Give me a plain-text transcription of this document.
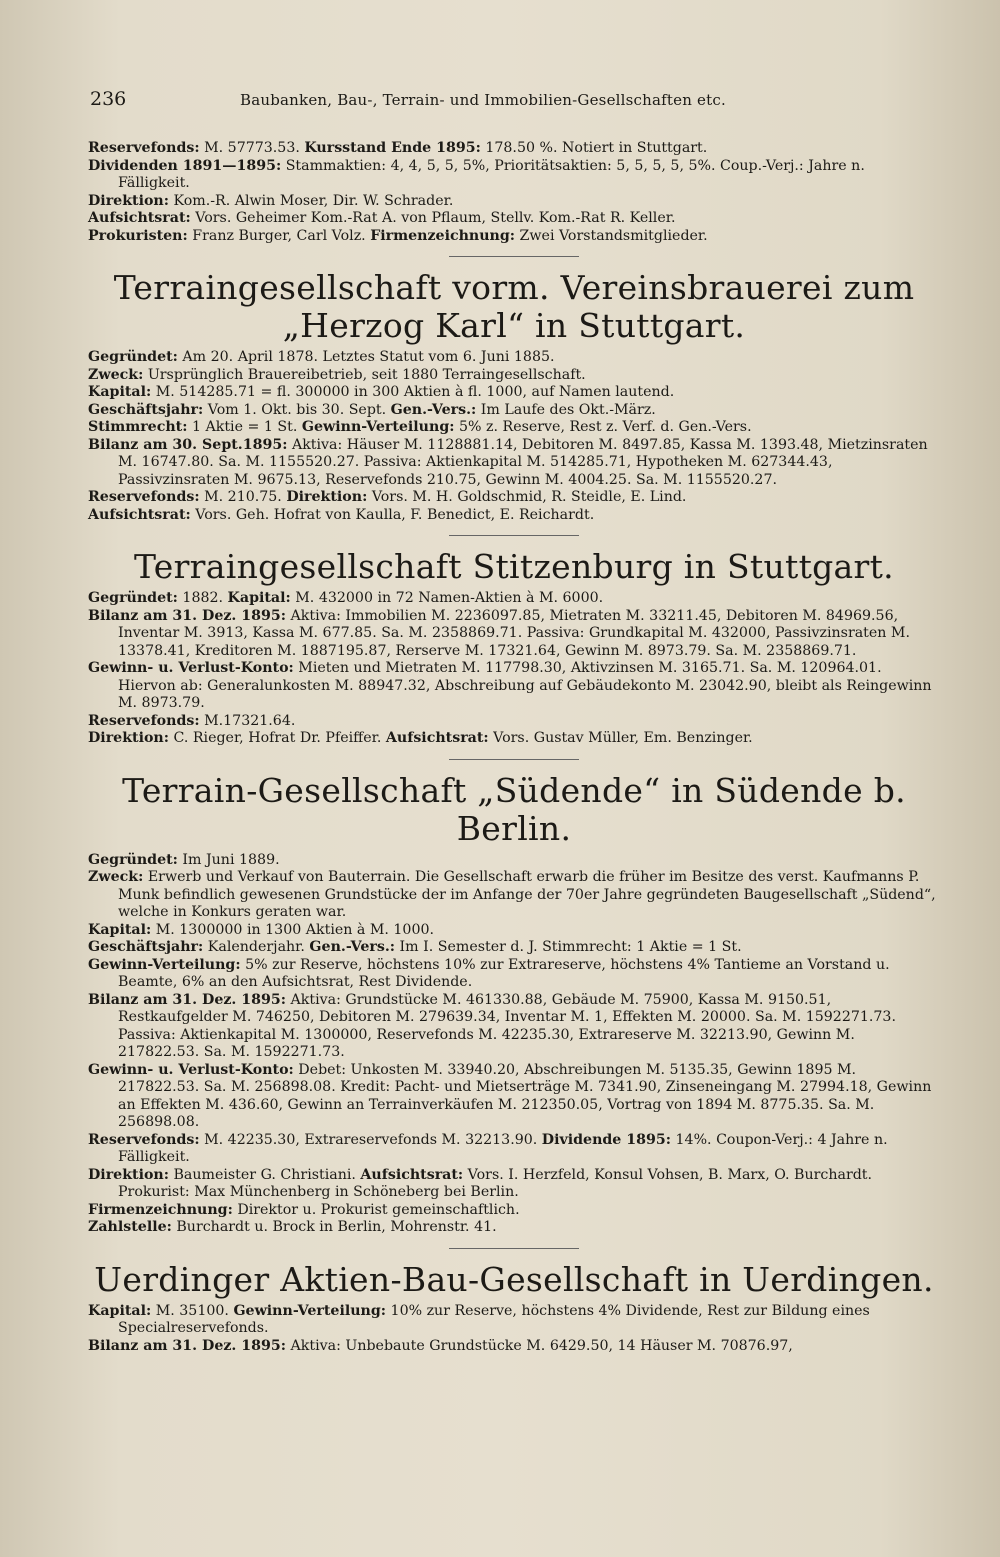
236	Baubanken, Bau-, Terrain- und Immobilien-Gesellschaften etc.

Reservefonds: M. 57773.53. Kursstand Ende 1895: 178.50 %. Notiert in Stuttgart.

Dividenden 1891—1895: Stammaktien: 4, 4, 5, 5, 5%, Prioritätsaktien: 5, 5, 5, 5, 5%. Coup.-Verj.: Jahre n. Fälligkeit.

Direktion: Kom.-R. Alwin Moser, Dir. W. Schrader.

Aufsichtsrat: Vors. Geheimer Kom.-Rat A. von Pflaum, Stellv. Kom.-Rat R. Keller.

Prokuristen: Franz Burger, Carl Volz. Firmenzeichnung: Zwei Vorstandsmitglieder.

Terraingesellschaft vorm. Vereinsbrauerei zum
„Herzog Karl“ in Stuttgart.

Gegründet: Am 20. April 1878. Letztes Statut vom 6. Juni 1885.

Zweck: Ursprünglich Brauereibetrieb, seit 1880 Terraingesellschaft.

Kapital: M. 514285.71 = fl. 300000 in 300 Aktien à fl. 1000, auf Namen lautend.

Geschäftsjahr: Vom 1. Okt. bis 30. Sept. Gen.-Vers.: Im Laufe des Okt.-März.

Stimmrecht: 1 Aktie = 1 St. Gewinn-Verteilung: 5% z. Reserve, Rest z. Verf. d. Gen.-Vers.

Bilanz am 30. Sept.1895: Aktiva: Häuser M. 1128881.14, Debitoren M. 8497.85, Kassa M. 1393.48, Mietzinsraten M. 16747.80. Sa. M. 1155520.27. Passiva: Aktienkapital M. 514285.71, Hypotheken M. 627344.43, Passivzinsraten M. 9675.13, Reservefonds 210.75, Gewinn M. 4004.25. Sa. M. 1155520.27.

Reservefonds: M. 210.75. Direktion: Vors. M. H. Goldschmid, R. Steidle, E. Lind.

Aufsichtsrat: Vors. Geh. Hofrat von Kaulla, F. Benedict, E. Reichardt.

Terraingesellschaft Stitzenburg in Stuttgart.

Gegründet: 1882. Kapital: M. 432000 in 72 Namen-Aktien à M. 6000.

Bilanz am 31. Dez. 1895: Aktiva: Immobilien M. 2236097.85, Mietraten M. 33211.45, Debitoren M. 84969.56, Inventar M. 3913, Kassa M. 677.85. Sa. M. 2358869.71. Passiva: Grundkapital M. 432000, Passivzinsraten M. 13378.41, Kreditoren M. 1887195.87, Rerserve M. 17321.64, Gewinn M. 8973.79. Sa. M. 2358869.71.

Gewinn- u. Verlust-Konto: Mieten und Mietraten M. 117798.30, Aktivzinsen M. 3165.71. Sa. M. 120964.01. Hiervon ab: Generalunkosten M. 88947.32, Abschreibung auf Gebäudekonto M. 23042.90, bleibt als Reingewinn M. 8973.79.

Reservefonds: M.17321.64.

Direktion: C. Rieger, Hofrat Dr. Pfeiffer. Aufsichtsrat: Vors. Gustav Müller, Em. Benzinger.

Terrain-Gesellschaft „Südende“ in Südende b. Berlin.

Gegründet: Im Juni 1889.

Zweck: Erwerb und Verkauf von Bauterrain. Die Gesellschaft erwarb die früher im Besitze des verst. Kaufmanns P. Munk befindlich gewesenen Grundstücke der im Anfange der 70er Jahre gegründeten Baugesellschaft „Südend“, welche in Konkurs geraten war.

Kapital: M. 1300000 in 1300 Aktien à M. 1000.

Geschäftsjahr: Kalenderjahr. Gen.-Vers.: Im I. Semester d. J. Stimmrecht: 1 Aktie = 1 St.

Gewinn-Verteilung: 5% zur Reserve, höchstens 10% zur Extrareserve, höchstens 4% Tantieme an Vorstand u. Beamte, 6% an den Aufsichtsrat, Rest Dividende.

Bilanz am 31. Dez. 1895: Aktiva: Grundstücke M. 461330.88, Gebäude M. 75900, Kassa M. 9150.51, Restkaufgelder M. 746250, Debitoren M. 279639.34, Inventar M. 1, Effekten M. 20000. Sa. M. 1592271.73. Passiva: Aktienkapital M. 1300000, Reservefonds M. 42235.30, Extrareserve M. 32213.90, Gewinn M. 217822.53. Sa. M. 1592271.73.

Gewinn- u. Verlust-Konto: Debet: Unkosten M. 33940.20, Abschreibungen M. 5135.35, Gewinn 1895 M. 217822.53. Sa. M. 256898.08. Kredit: Pacht- und Mietserträge M. 7341.90, Zinseneingang M. 27994.18, Gewinn an Effekten M. 436.60, Gewinn an Terrainverkäufen M. 212350.05, Vortrag von 1894 M. 8775.35. Sa. M. 256898.08.

Reservefonds: M. 42235.30, Extrareservefonds M. 32213.90. Dividende 1895: 14%. Coupon-Verj.: 4 Jahre n. Fälligkeit.

Direktion: Baumeister G. Christiani. Aufsichtsrat: Vors. I. Herzfeld, Konsul Vohsen, B. Marx, O. Burchardt. Prokurist: Max Münchenberg in Schöneberg bei Berlin.

Firmenzeichnung: Direktor u. Prokurist gemeinschaftlich.

Zahlstelle: Burchardt u. Brock in Berlin, Mohrenstr. 41.

Uerdinger Aktien-Bau-Gesellschaft in Uerdingen.

Kapital: M. 35100. Gewinn-Verteilung: 10% zur Reserve, höchstens 4% Dividende, Rest zur Bildung eines Specialreservefonds.

Bilanz am 31. Dez. 1895: Aktiva: Unbebaute Grundstücke M. 6429.50, 14 Häuser M. 70876.97,
